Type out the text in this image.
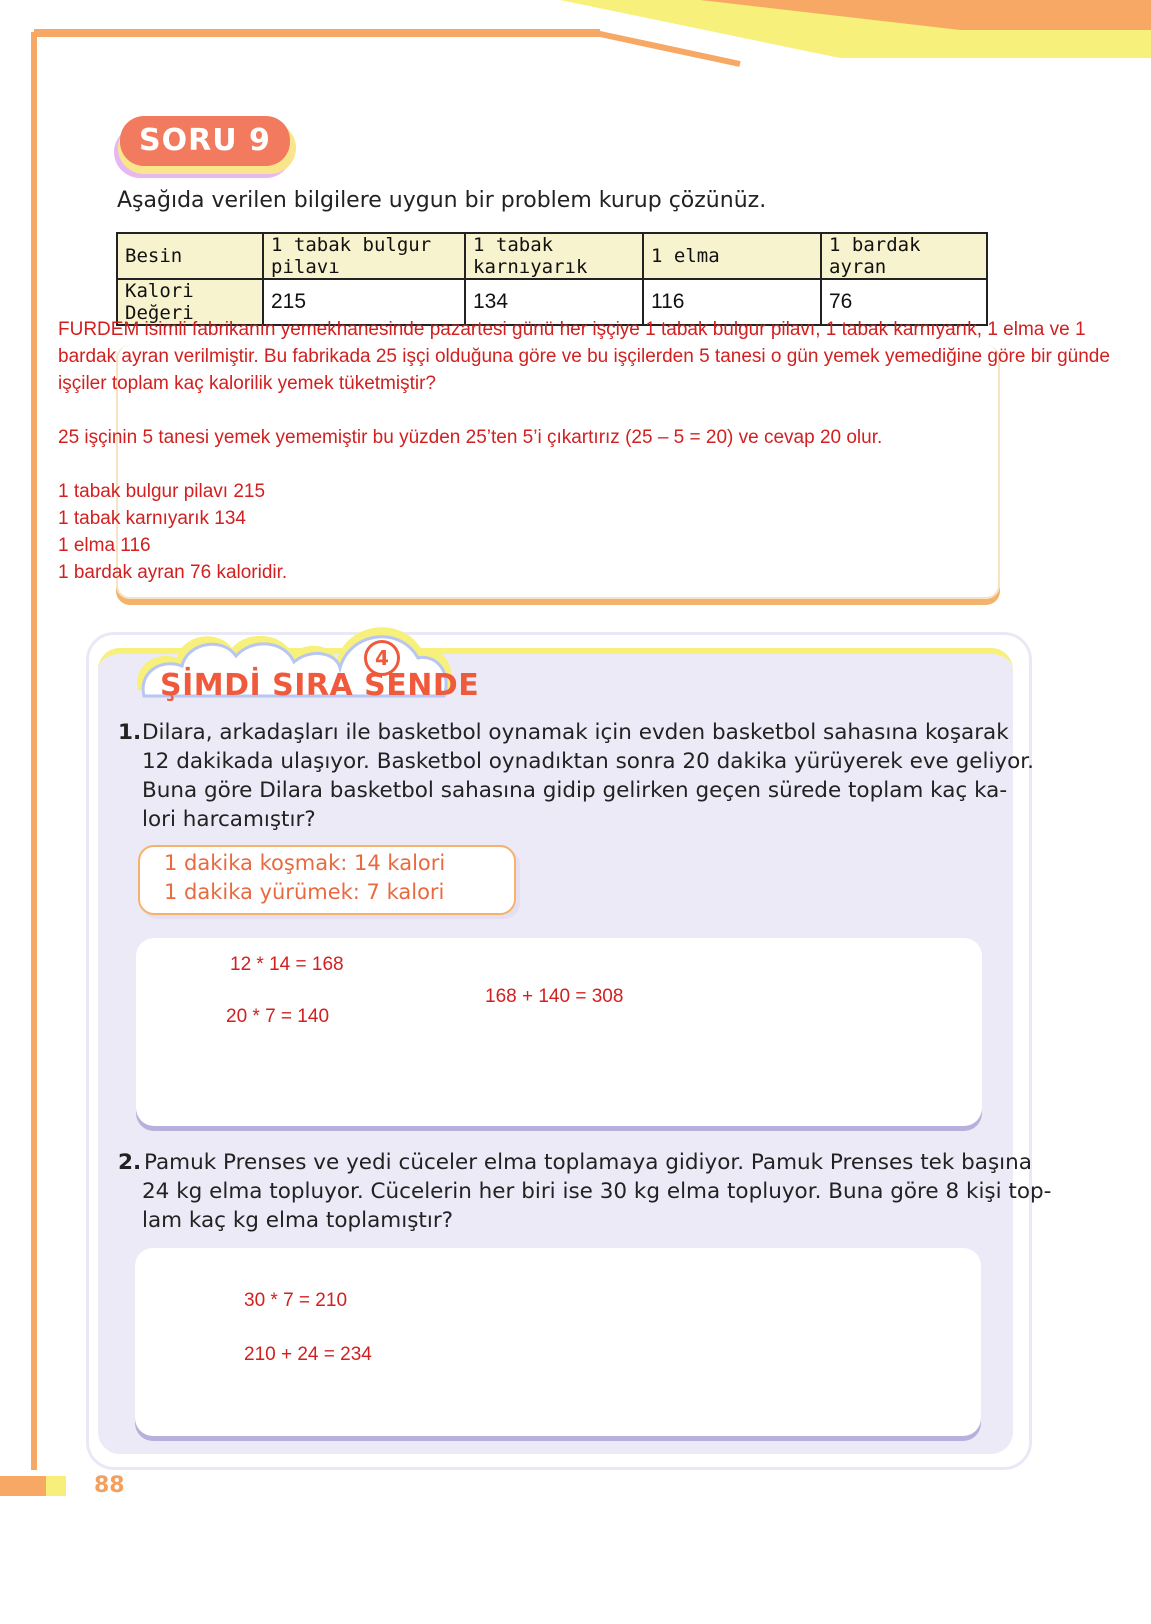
SORU 9
Aşağıda verilen bilgilere uygun bir problem kurup çözünüz.
Besin	1 tabak bulgur pilavı	1 tabak karnıyarık	1 elma	1 bardak ayran
Kalori Değeri	215	134	116	76
FURDEM isimli fabrikanın yemekhanesinde pazartesi günü her işçiye 1 tabak bulgur pilavı, 1 tabak karnıyarık, 1 elma ve 1 bardak ayran verilmiştir. Bu fabrikada 25 işçi olduğuna göre ve bu işçilerden 5 tanesi o gün yemek yemediğine göre bir günde işçiler toplam kaç kalorilik yemek tüketmiştir?
25 işçinin 5 tanesi yemek yememiştir bu yüzden 25’ten 5’i çıkartırız (25 – 5 = 20) ve cevap 20 olur.
1 tabak bulgur pilavı 215
1 tabak karnıyarık 134
1 elma 116
1 bardak ayran 76 kaloridir.
4
ŞİMDİ SIRA SENDE
1. Dilara, arkadaşları ile basketbol oynamak için evden basketbol sahasına koşarak
12 dakikada ulaşıyor. Basketbol oynadıktan sonra 20 dakika yürüyerek eve geliyor.
Buna göre Dilara basketbol sahasına gidip gelirken geçen sürede toplam kaç ka-
lori harcamıştır?
1 dakika koşmak: 14 kalori
1 dakika yürümek: 7 kalori
12 * 14 = 168
20 * 7 = 140
168 + 140 = 308
2. Pamuk Prenses ve yedi cüceler elma toplamaya gidiyor. Pamuk Prenses tek başına
24 kg elma topluyor. Cücelerin her biri ise 30 kg elma topluyor. Buna göre 8 kişi top-
lam kaç kg elma toplamıştır?
30 * 7 = 210
210 + 24 = 234
88
